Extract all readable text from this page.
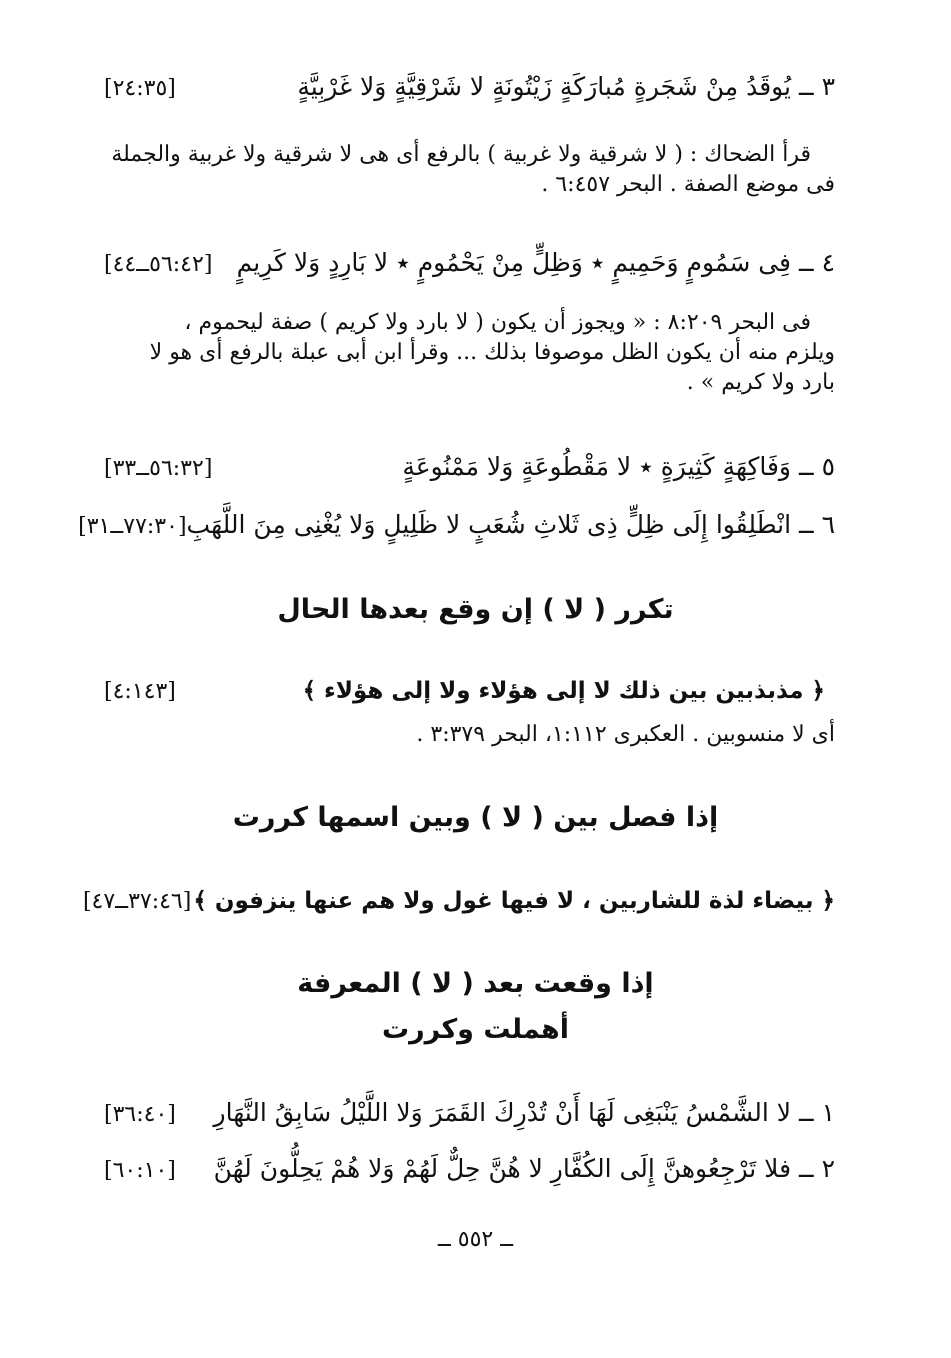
٣ ــ يُوقَدُ مِنْ شَجَرةٍ مُبارَكَةٍ زَيْتُونَةٍ لا شَرْقِيَّةٍ وَلا غَرْبِيَّةٍ
[٢٤:٣٥]

قرأ الضحاك : ( لا شرقية ولا غربية ) بالرفع أى هى لا شرقية ولا غربية والجملة

فى موضع الصفة . البحر ٦:٤٥٧ .

٤ ــ فِى سَمُومٍ وَحَمِيمٍ ٭ وَظِلٍّ مِنْ يَحْمُومٍ ٭ لا بَارِدٍ وَلا كَرِيمٍ
[٥٦:٤٢ــ٤٤]

فى البحر ٨:٢٠٩ : « ويجوز أن يكون ( لا بارد ولا كريم ) صفة ليحموم ،

ويلزم منه أن يكون الظل موصوفا بذلك ... وقرأ ابن أبى عبلة بالرفع أى هو لا

بارد ولا كريم » .

٥ ــ وَفَاكِهَةٍ كَثِيرَةٍ ٭ لا مَقْطُوعَةٍ وَلا مَمْنُوعَةٍ
[٥٦:٣٢ــ٣٣]
٦ ــ انْطَلِقُوا إِلَى ظِلٍّ ذِى ثَلاثِ شُعَبٍ لا ظَلِيلٍ وَلا يُغْنِى مِنَ اللَّهَبِ
[٧٧:٣٠ــ٣١]
تكرر ( لا ) إن وقع بعدها الحال
﴿ مذبذبين بين ذلك لا إلى هؤلاء ولا إلى هؤلاء ﴾
[٤:١٤٣]
أى لا منسوبين . العكبرى ١:١١٢، البحر ٣:٣٧٩ .
إذا فصل بين ( لا ) وبين اسمها كررت
﴿ بيضاء لذة للشاربين ، لا فيها غول ولا هم عنها ينزفون ﴾
[٣٧:٤٦ــ٤٧]
إذا وقعت بعد ( لا ) المعرفة
أهملت وكررت
١ ــ لا الشَّمْسُ يَنْبَغِى لَهَا أَنْ تُدْرِكَ القَمَرَ وَلا اللَّيْلُ سَابِقُ النَّهَارِ
[٣٦:٤٠]
٢ ــ فلا تَرْجِعُوهنَّ إِلَى الكُفَّارِ لا هُنَّ حِلٌّ لَهُمْ وَلا هُمْ يَحِلُّونَ لَهُنَّ
[٦٠:١٠]
ــ ٥٥٢ ــ
